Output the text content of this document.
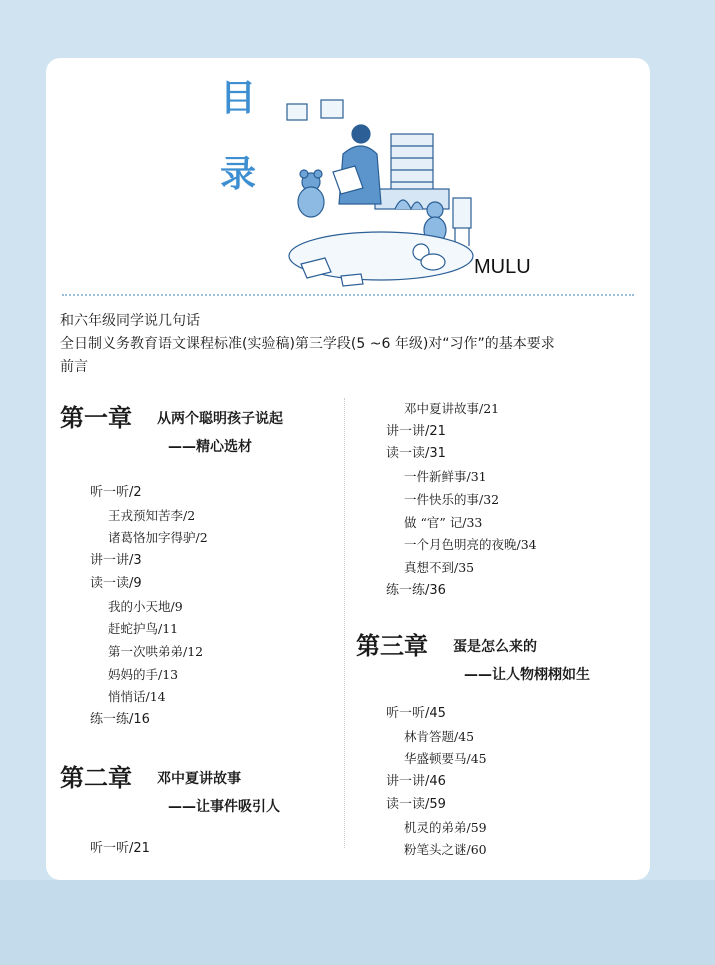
目
录
MULU
和六年级同学说几句话
全日制义务教育语文课程标准(实验稿)第三学段(5 ~6 年级)对“习作”的基本要求
前言
第一章 从两个聪明孩子说起
——精心选材
听一听/2
王戎预知苦李/2
诸葛恪加字得驴/2
讲一讲/3
读一读/9
我的小天地/9
赶蛇护鸟/11
第一次哄弟弟/12
妈妈的手/13
悄悄话/14
练一练/16
第二章 邓中夏讲故事
——让事件吸引人
听一听/21
邓中夏讲故事/21
讲一讲/21
读一读/31
一件新鲜事/31
一件快乐的事/32
做 “官” 记/33
一个月色明亮的夜晚/34
真想不到/35
练一练/36
第三章 蛋是怎么来的
——让人物栩栩如生
听一听/45
林肯答题/45
华盛顿要马/45
讲一讲/46
读一读/59
机灵的弟弟/59
粉笔头之谜/60
